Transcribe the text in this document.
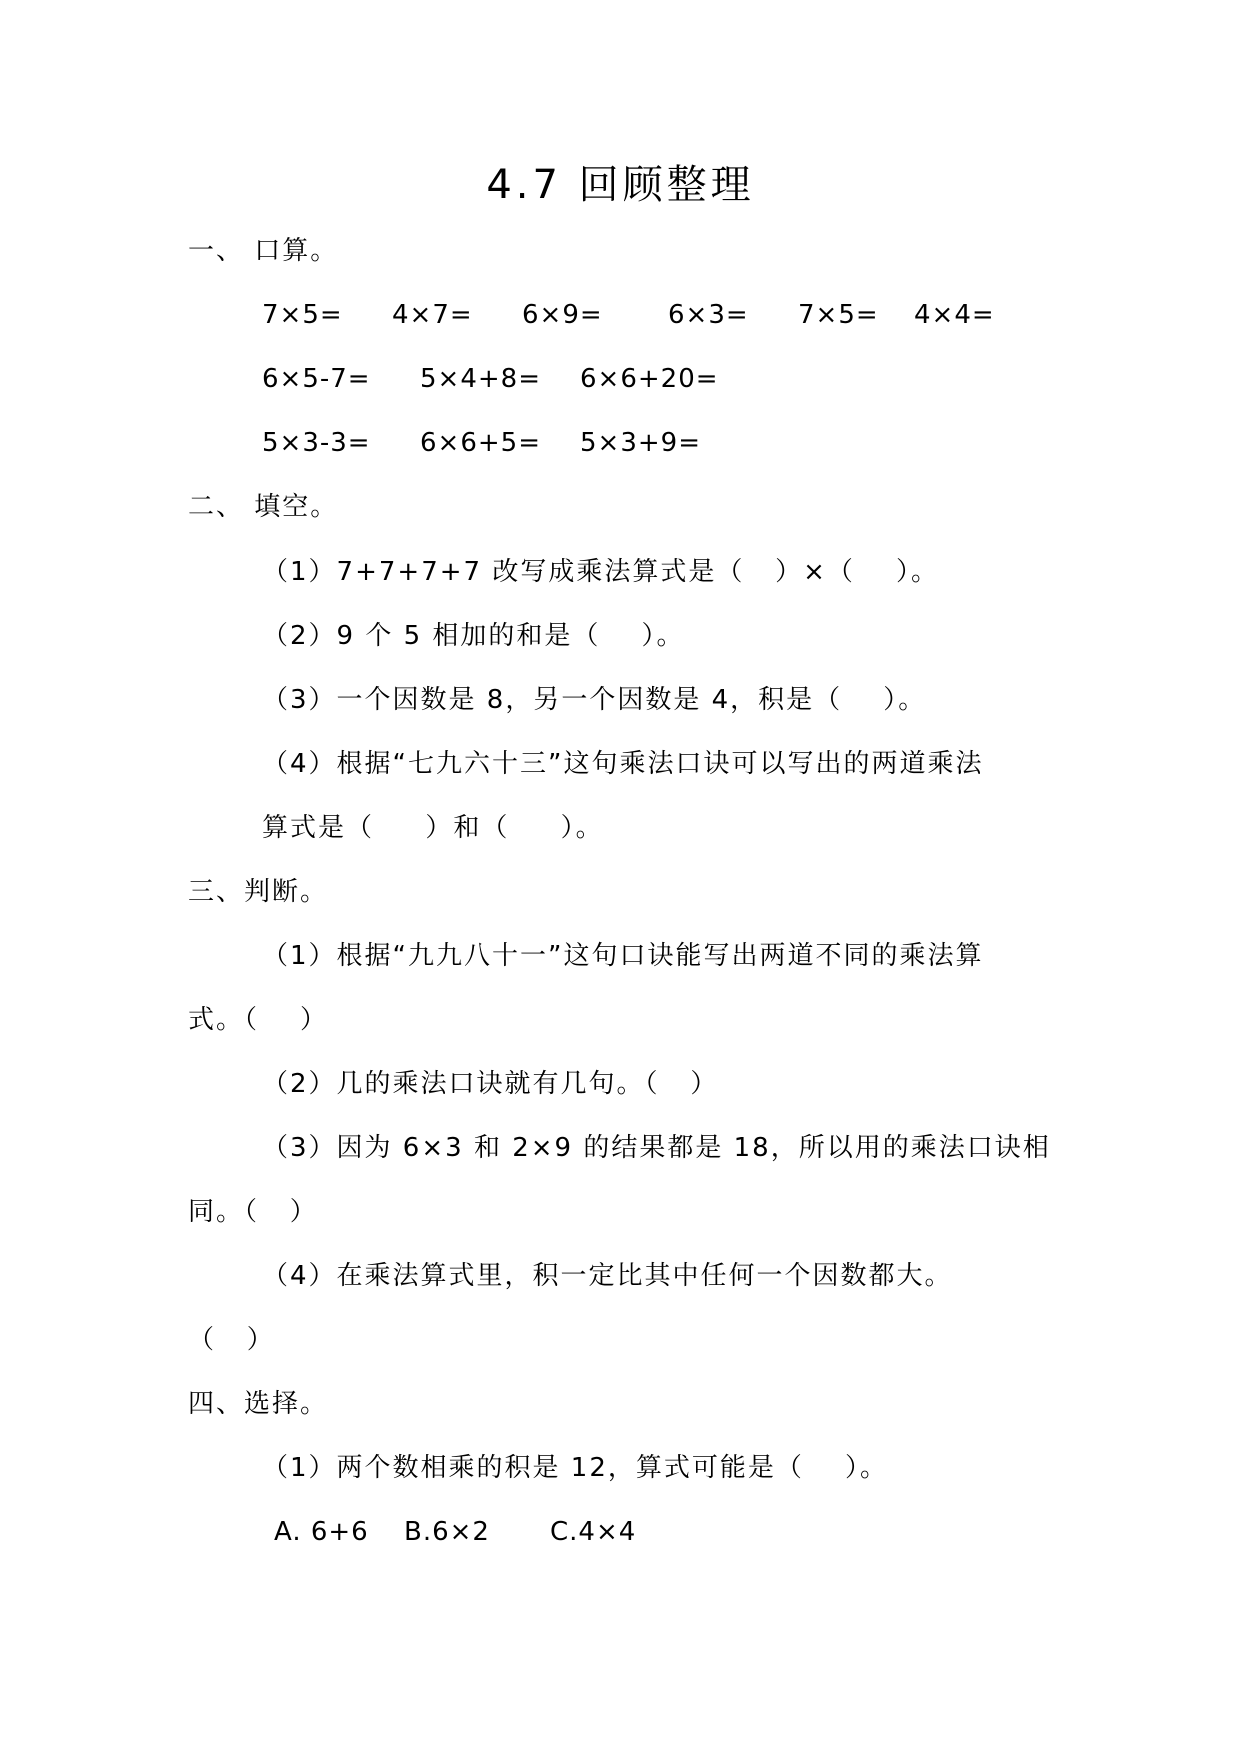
4.7 回顾整理
一、 口算。
7×5= 4×7= 6×9=	6×3= 7×5= 4×4=
6×5-7= 5×4+8= 6×6+20=
5×3-3= 6×6+5= 5×3+9=
二、 填空。
（1）7+7+7+7 改写成乘法算式是（   ）×（    ）。
（2）9 个 5 相加的和是（    ）。
（3）一个因数是 8，另一个因数是 4，积是（    ）。
（4）根据“七九六十三”这句乘法口诀可以写出的两道乘法
算式是（     ）和（     ）。
三、判断。
（1）根据“九九八十一”这句口诀能写出两道不同的乘法算
式。（    ）
（2）几的乘法口诀就有几句。（   ）
（3）因为 6×3 和 2×9 的结果都是 18，所以用的乘法口诀相
同。（   ）
（4）在乘法算式里，积一定比其中任何一个因数都大。
（   ）
四、选择。
（1）两个数相乘的积是 12，算式可能是（    ）。
A. 6+6 B.6×2 C.4×4
